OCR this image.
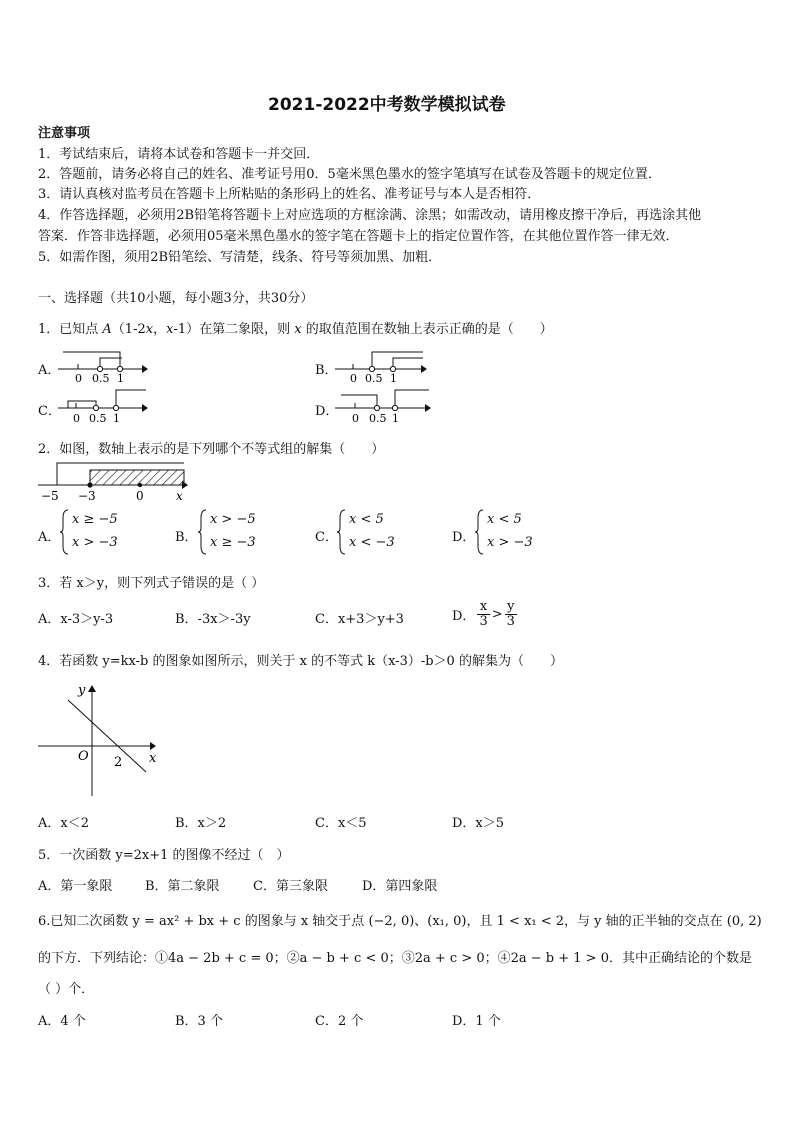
2021-2022中考数学模拟试卷
注意事项
1．考试结束后，请将本试卷和答题卡一并交回．
2．答题前，请务必将自己的姓名、准考证号用0．5毫米黑色墨水的签字笔填写在试卷及答题卡的规定位置．
3．请认真核对监考员在答题卡上所粘贴的条形码上的姓名、准考证号与本人是否相符．
4．作答选择题，必须用2B铅笔将答题卡上对应选项的方框涂满、涂黑；如需改动，请用橡皮擦干净后，再选涂其他
答案．作答非选择题，必须用05毫米黑色墨水的签字笔在答题卡上的指定位置作答，在其他位置作答一律无效．
5．如需作图，须用2B铅笔绘、写清楚，线条、符号等须加黑、加粗．
一、选择题（共10小题，每小题3分，共30分）
1．已知点 A（1-2x，x-1）在第二象限，则 x 的取值范围在数轴上表示正确的是（　　）
A．
0 0.5 1
B．
0 0.5 1
C． 0 0.5 1	D． 0 0.5 1
2．如图，数轴上表示的是下列哪个不等式组的解集（　　）
−5 −3	0	x
A．
x ≥ −5
x > −3	B．
x > −5
x ≥ −3	C．
x < 5
x < −3	D．
x < 5
x > −3
3．若 x＞y，则下列式子错误的是（ ）
A．x-3＞y-3	B．-3x＞-3y	C．x+3＞y+3	D． $\frac{x}{3} > \frac{y}{3}$
4．若函数 y=kx-b 的图象如图所示，则关于 x 的不等式 k（x-3）-b＞0 的解集为（　　）
y
x
O 2
A．x＜2	B．x＞2	C．x＜5	D．x＞5
5．一次函数 y=2x+1 的图像不经过（　）
A．第一象限	B．第二象限	C．第三象限	D．第四象限
6.已知二次函数 y = ax² + bx + c 的图象与 x 轴交于点 (−2, 0)、(x₁, 0)，且 1 < x₁ < 2，与 y 轴的正半轴的交点在 (0, 2)
的下方．下列结论：①4a − 2b + c = 0；②a − b + c < 0；③2a + c > 0；④2a − b + 1 > 0．其中正确结论的个数是
（ ）个．
A．4 个	B．3 个	C．2 个	D．1 个
